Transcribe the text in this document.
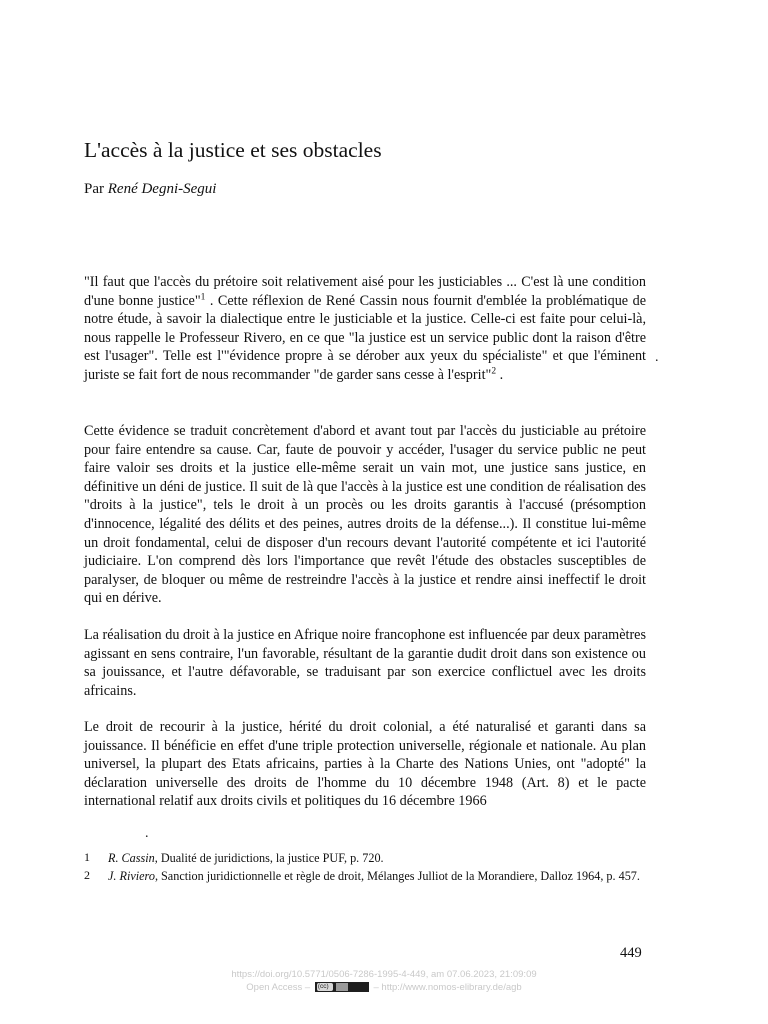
L'accès à la justice et ses obstacles
Par René Degni-Segui

"Il faut que l'accès du prétoire soit relativement aisé pour les justiciables ... C'est là une condition d'une bonne justice"$^1$ . Cette réflexion de René Cassin nous fournit d'emblée la problématique de notre étude, à savoir la dialectique entre le justiciable et la justice. Celle-ci est faite pour celui-là, nous rappelle le Professeur Rivero, en ce que "la justice est un service public dont la raison d'être est l'usager". Telle est l'"évidence propre à se dérober aux yeux du spécialiste" et que l'éminent juriste se fait fort de nous recommander "de garder sans cesse à l'esprit"$^2$ .

.

Cette évidence se traduit concrètement d'abord et avant tout par l'accès du justiciable au prétoire pour faire entendre sa cause. Car, faute de pouvoir y accéder, l'usager du service public ne peut faire valoir ses droits et la justice elle-même serait un vain mot, une justice sans justice, en définitive un déni de justice. Il suit de là que l'accès à la justice est une condition de réalisation des "droits à la justice", tels le droit à un procès ou les droits garantis à l'accusé (présomption d'innocence, légalité des délits et des peines, autres droits de la défense...). Il constitue lui-même un droit fondamental, celui de disposer d'un recours devant l'autorité compétente et ici l'autorité judiciaire. L'on comprend dès lors l'importance que revêt l'étude des obstacles susceptibles de paralyser, de bloquer ou même de restreindre l'accès à la justice et rendre ainsi ineffectif le droit qui en dérive.

La réalisation du droit à la justice en Afrique noire francophone est influencée par deux paramètres agissant en sens contraire, l'un favorable, résultant de la garantie dudit droit dans son existence ou sa jouissance, et l'autre défavorable, se traduisant par son exercice conflictuel avec les droits africains.

Le droit de recourir à la justice, hérité du droit colonial, a été naturalisé et garanti dans sa jouissance. Il bénéficie en effet d'une triple protection universelle, régionale et nationale. Au plan universel, la plupart des Etats africains, parties à la Charte des Nations Unies, ont "adopté" la déclaration universelle des droits de l'homme du 10 décembre 1948 (Art. 8) et le pacte international relatif aux droits civils et politiques du 16 décembre 1966

.
1 R. Cassin, Dualité de juridictions, la justice PUF, p. 720.
2 J. Riviero, Sanction juridictionnelle et règle de droit, Mélanges Julliot de la Morandiere, Dalloz 1964, p. 457.
449
https://doi.org/10.5771/0506-7286-1995-4-449, am 07.06.2023, 21:09:09
Open Access – (cc)	– http://www.nomos-elibrary.de/agb
